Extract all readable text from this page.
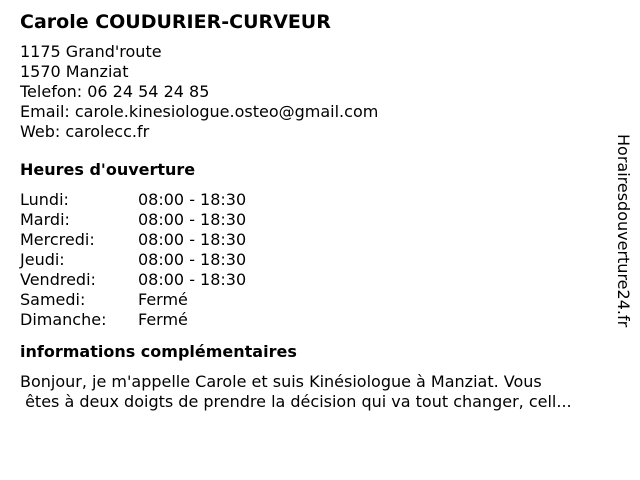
Carole COUDURIER-CURVEUR
1175 Grand'route
1570 Manziat
Telefon: 06 24 54 24 85
Email: carole.kinesiologue.osteo@gmail.com
Web: carolecc.fr
Heures d'ouverture
Lundi:	08:00 - 18:30
Mardi:	08:00 - 18:30
Mercredi:	08:00 - 18:30
Jeudi:	08:00 - 18:30
Vendredi:	08:00 - 18:30
Samedi:	Fermé
Dimanche:	Fermé
informations complémentaires
Bonjour, je m'appelle Carole et suis Kinésiologue à Manziat. Vous
êtes à deux doigts de prendre la décision qui va tout changer, cell...
Horairesdouverture24.fr
